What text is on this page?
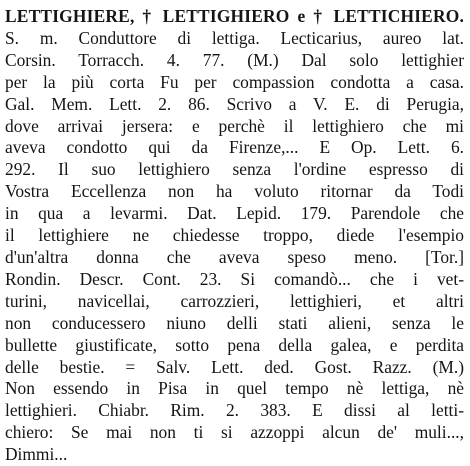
LETTIGHIERE, † LETTIGHIERO e † LETTICHIERO.
S. m. Conduttore di lettiga. Lecticarius, aureo lat.
Corsin. Torracch. 4. 77. (M.) Dal solo lettighier
per la più corta Fu per compassion condotta a casa.
Gal. Mem. Lett. 2. 86. Scrivo a V. E. di Perugia,
dove arrivai jersera: e perchè il lettighiero che mi
aveva condotto qui da Firenze,... E Op. Lett. 6.
292. Il suo lettighiero senza l'ordine espresso di
Vostra Eccellenza non ha voluto ritornar da Todi
in qua a levarmi. Dat. Lepid. 179. Parendole che
il lettighiere ne chiedesse troppo, diede l'esempio
d'un'altra donna che aveva speso meno. [Tor.]
Rondin. Descr. Cont. 23. Si comandò... che i vet-
turini, navicellai, carrozzieri, lettighieri, et altri
non conducessero niuno delli stati alieni, senza le
bullette giustificate, sotto pena della galea, e perdita
delle bestie. = Salv. Lett. ded. Gost. Razz. (M.)
Non essendo in Pisa in quel tempo nè lettiga, nè
lettighieri. Chiabr. Rim. 2. 383. E dissi al letti-
chiero: Se mai non ti si azzoppi alcun de' muli...,
Dimmi...
